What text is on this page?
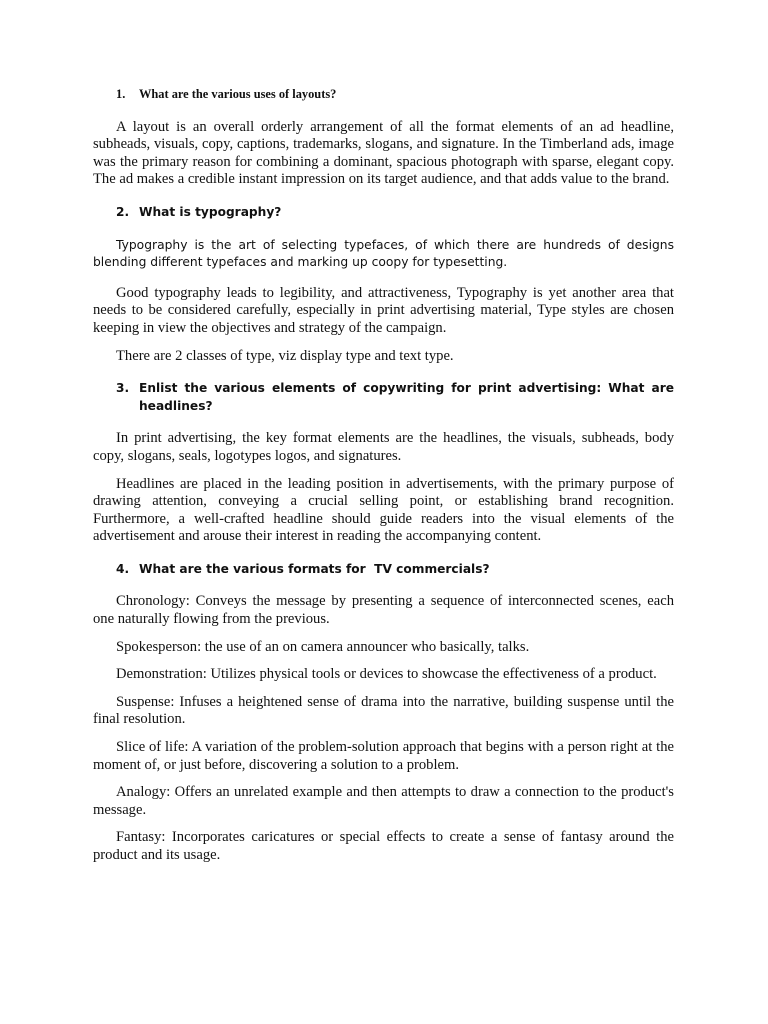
1.	What are the various uses of layouts?

A layout is an overall orderly arrangement of all the format elements of an ad headline, subheads, visuals, copy, captions, trademarks, slogans, and signature. In the Timberland ads, image was the primary reason for combining a dominant, spacious photograph with sparse, elegant copy. The ad makes a credible instant impression on its target audience, and that adds value to the brand.

2. What is typography?

Typography is the art of selecting typefaces, of which there are hundreds of designs blending different typefaces and marking up coopy for typesetting.

Good typography leads to legibility, and attractiveness, Typography is yet another area that needs to be considered carefully, especially in print advertising material, Type styles are chosen keeping in view the objectives and strategy of the campaign.

There are 2 classes of type, viz display type and text type.

3. Enlist the various elements of copywriting for print advertising: What are headlines?

In print advertising, the key format elements are the headlines, the visuals, subheads, body copy, slogans, seals, logotypes logos, and signatures.

Headlines are placed in the leading position in advertisements, with the primary purpose of drawing attention, conveying a crucial selling point, or establishing brand recognition. Furthermore, a well-crafted headline should guide readers into the visual elements of the advertisement and arouse their interest in reading the accompanying content.

4. What are the various formats for  TV commercials?

Chronology: Conveys the message by presenting a sequence of interconnected scenes, each one naturally flowing from the previous.

Spokesperson: the use of an on camera announcer who basically, talks.

Demonstration: Utilizes physical tools or devices to showcase the effectiveness of a product.

Suspense: Infuses a heightened sense of drama into the narrative, building suspense until the final resolution.

Slice of life: A variation of the problem-solution approach that begins with a person right at the moment of, or just before, discovering a solution to a problem.

Analogy: Offers an unrelated example and then attempts to draw a connection to the product's message.

Fantasy: Incorporates caricatures or special effects to create a sense of fantasy around the product and its usage.
